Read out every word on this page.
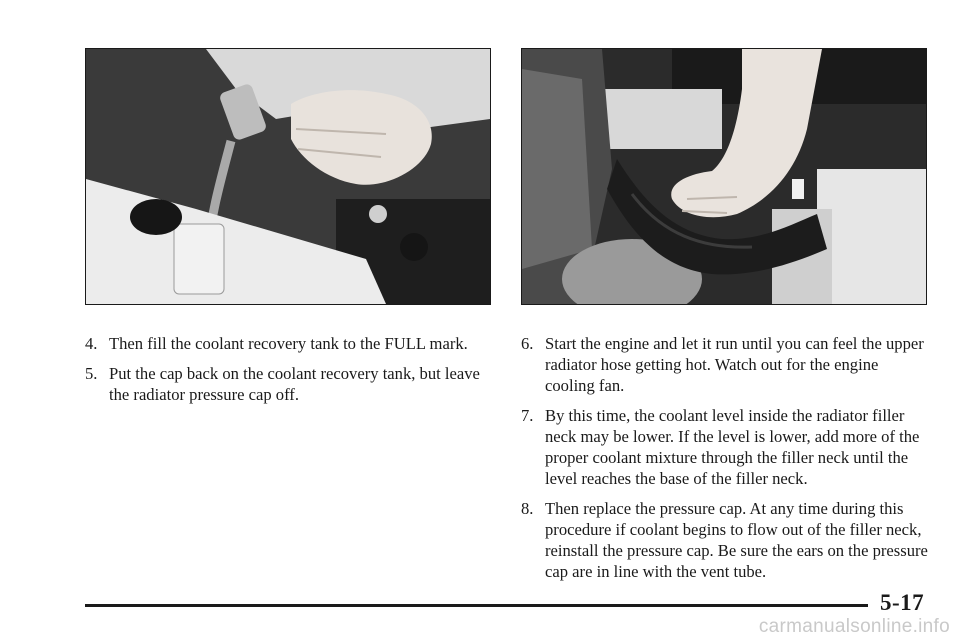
4. Then fill the coolant recovery tank to the FULL mark.
5. Put the cap back on the coolant recovery tank, but leave the radiator pressure cap off.
6. Start the engine and let it run until you can feel the upper radiator hose getting hot. Watch out for the engine cooling fan.
7. By this time, the coolant level inside the radiator filler neck may be lower. If the level is lower, add more of the proper coolant mixture through the filler neck until the level reaches the base of the filler neck.
8. Then replace the pressure cap. At any time during this procedure if coolant begins to flow out of the filler neck, reinstall the pressure cap. Be sure the ears on the pressure cap are in line with the vent tube.
5-17
carmanualsonline.info
